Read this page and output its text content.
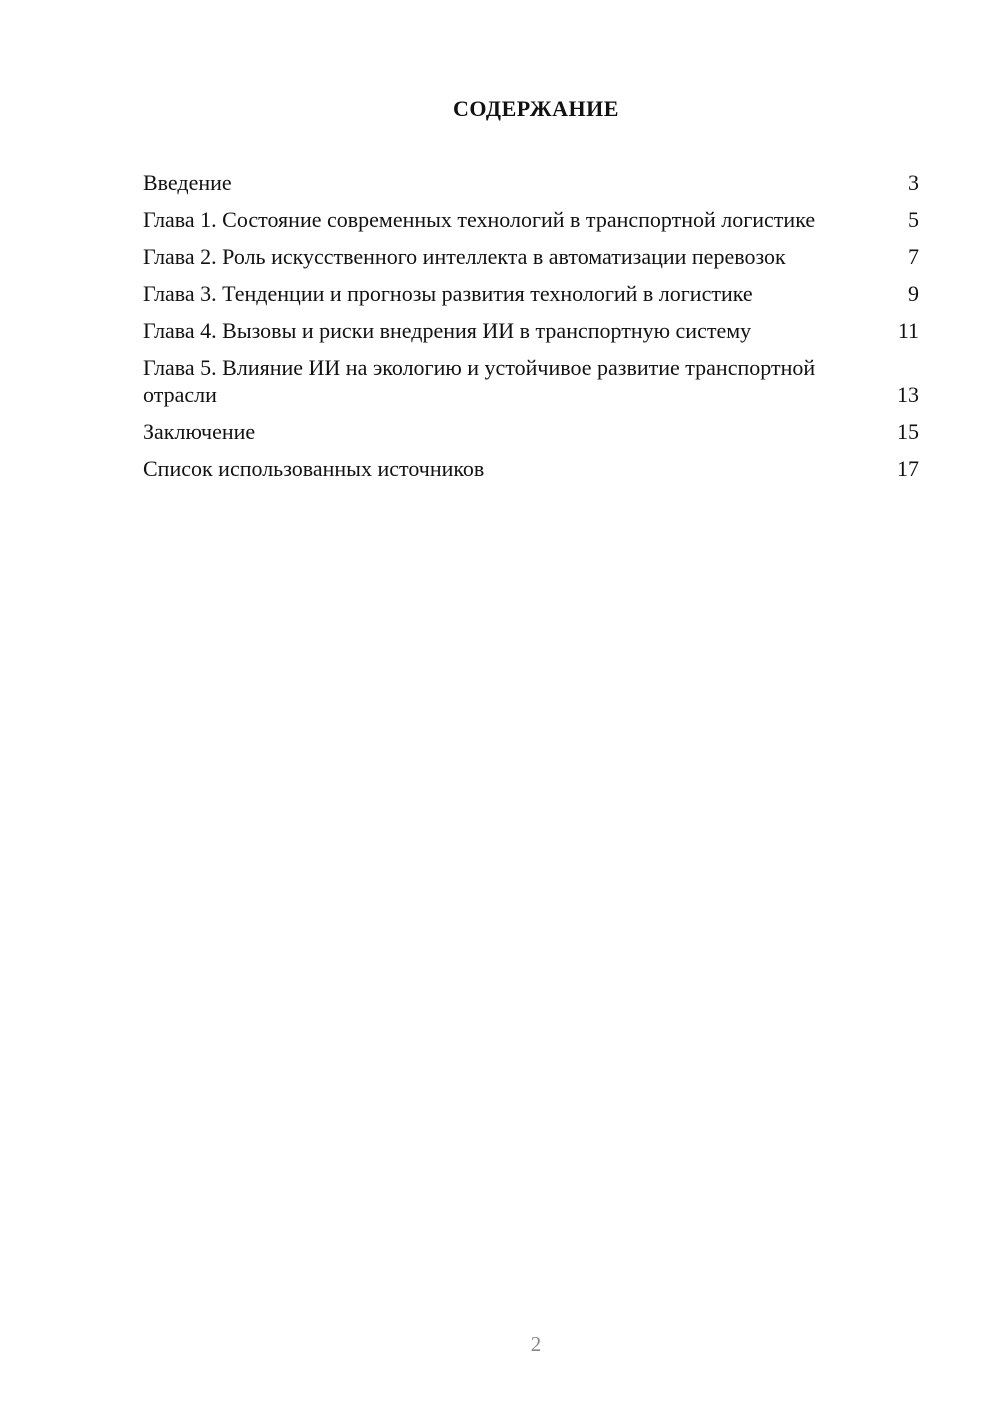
СОДЕРЖАНИЕ
Введение	3
Глава 1. Состояние современных технологий в транспортной логистике	5
Глава 2. Роль искусственного интеллекта в автоматизации перевозок	7
Глава 3. Тенденции и прогнозы развития технологий в логистике	9
Глава 4. Вызовы и риски внедрения ИИ в транспортную систему	11
Глава 5. Влияние ИИ на экологию и устойчивое развитие транспортной отрасли	13
Заключение	15
Список использованных источников	17
2
